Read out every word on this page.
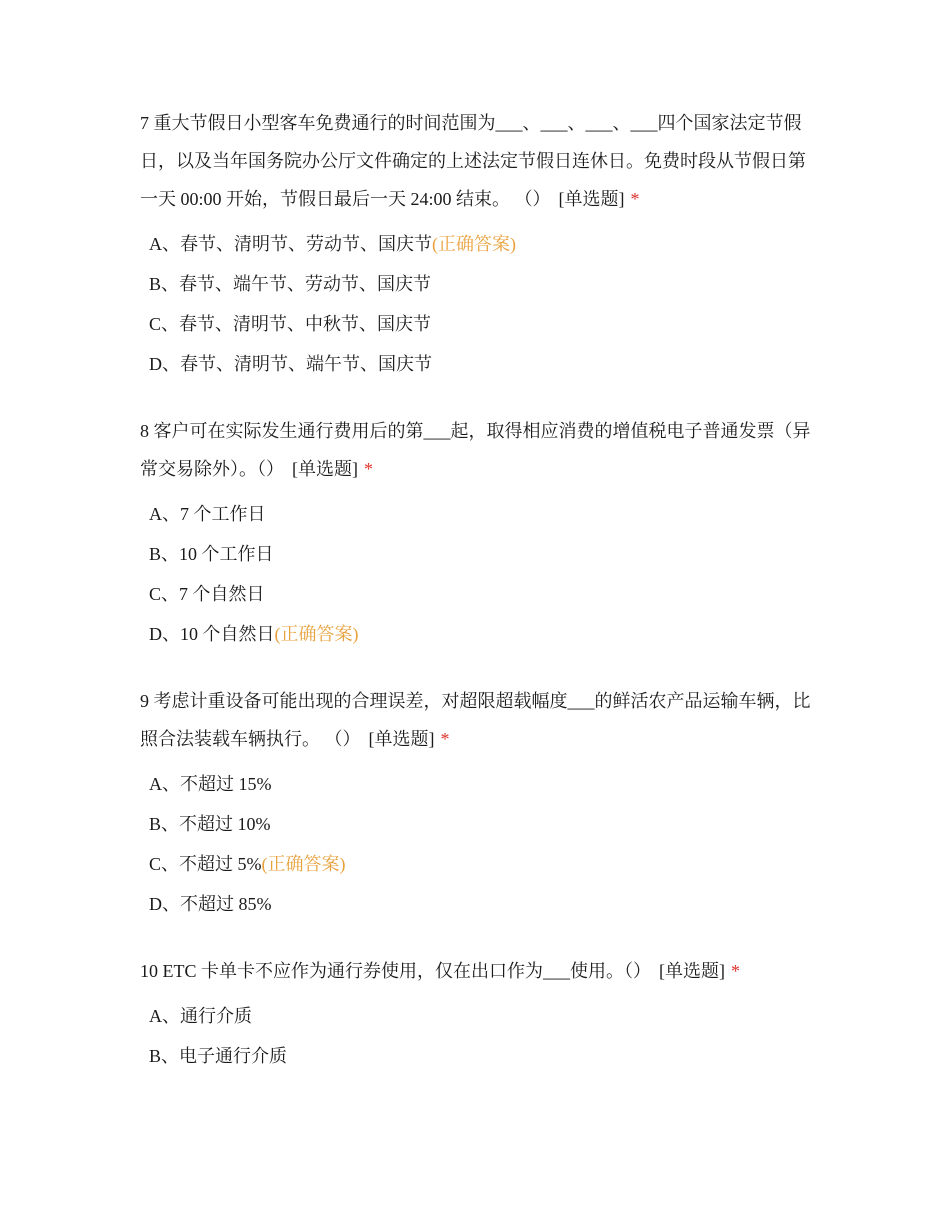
7 重大节假日小型客车免费通行的时间范围为___、___、___、___四个国家法定节假日，以及当年国务院办公厅文件确定的上述法定节假日连休日。免费时段从节假日第一天 00:00 开始，节假日最后一天 24:00 结束。 （） [单选题] *

A、春节、清明节、劳动节、国庆节(正确答案)
B、春节、端午节、劳动节、国庆节
C、春节、清明节、中秋节、国庆节
D、春节、清明节、端午节、国庆节

8 客户可在实际发生通行费用后的第___起，取得相应消费的增值税电子普通发票（异常交易除外）。（） [单选题] *

A、7 个工作日
B、10 个工作日
C、7 个自然日
D、10 个自然日(正确答案)

9 考虑计重设备可能出现的合理误差，对超限超载幅度___的鲜活农产品运输车辆，比照合法装载车辆执行。 （） [单选题] *

A、不超过 15%
B、不超过 10%
C、不超过 5%(正确答案)
D、不超过 85%

10 ETC 卡单卡不应作为通行券使用，仅在出口作为___使用。（） [单选题] *

A、通行介质
B、电子通行介质
